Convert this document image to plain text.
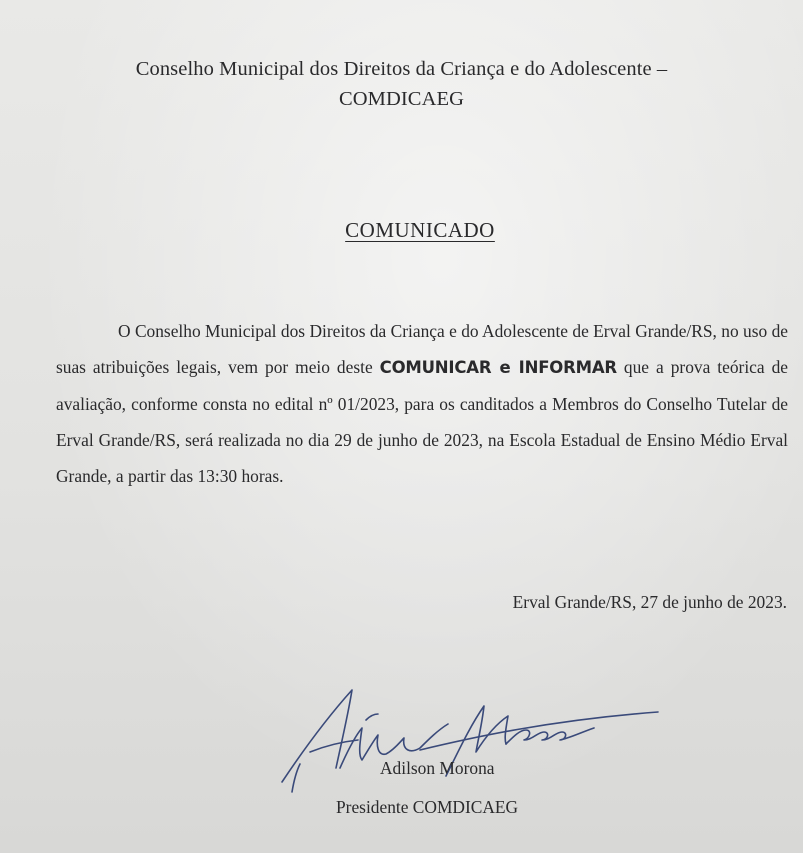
Conselho Municipal dos Direitos da Criança e do Adolescente –
COMDICAEG
COMUNICADO

O Conselho Municipal dos Direitos da Criança e do Adolescente de Erval Grande/RS, no uso de suas atribuições legais, vem por meio deste COMUNICAR e INFORMAR que a prova teórica de avaliação, conforme consta no edital nº 01/2023, para os canditados a Membros do Conselho Tutelar de Erval Grande/RS, será realizada no dia 29 de junho de 2023, na Escola Estadual de Ensino Médio Erval Grande, a partir das 13:30 horas.

Erval Grande/RS, 27 de junho de 2023.
Adilson Morona
Presidente COMDICAEG
